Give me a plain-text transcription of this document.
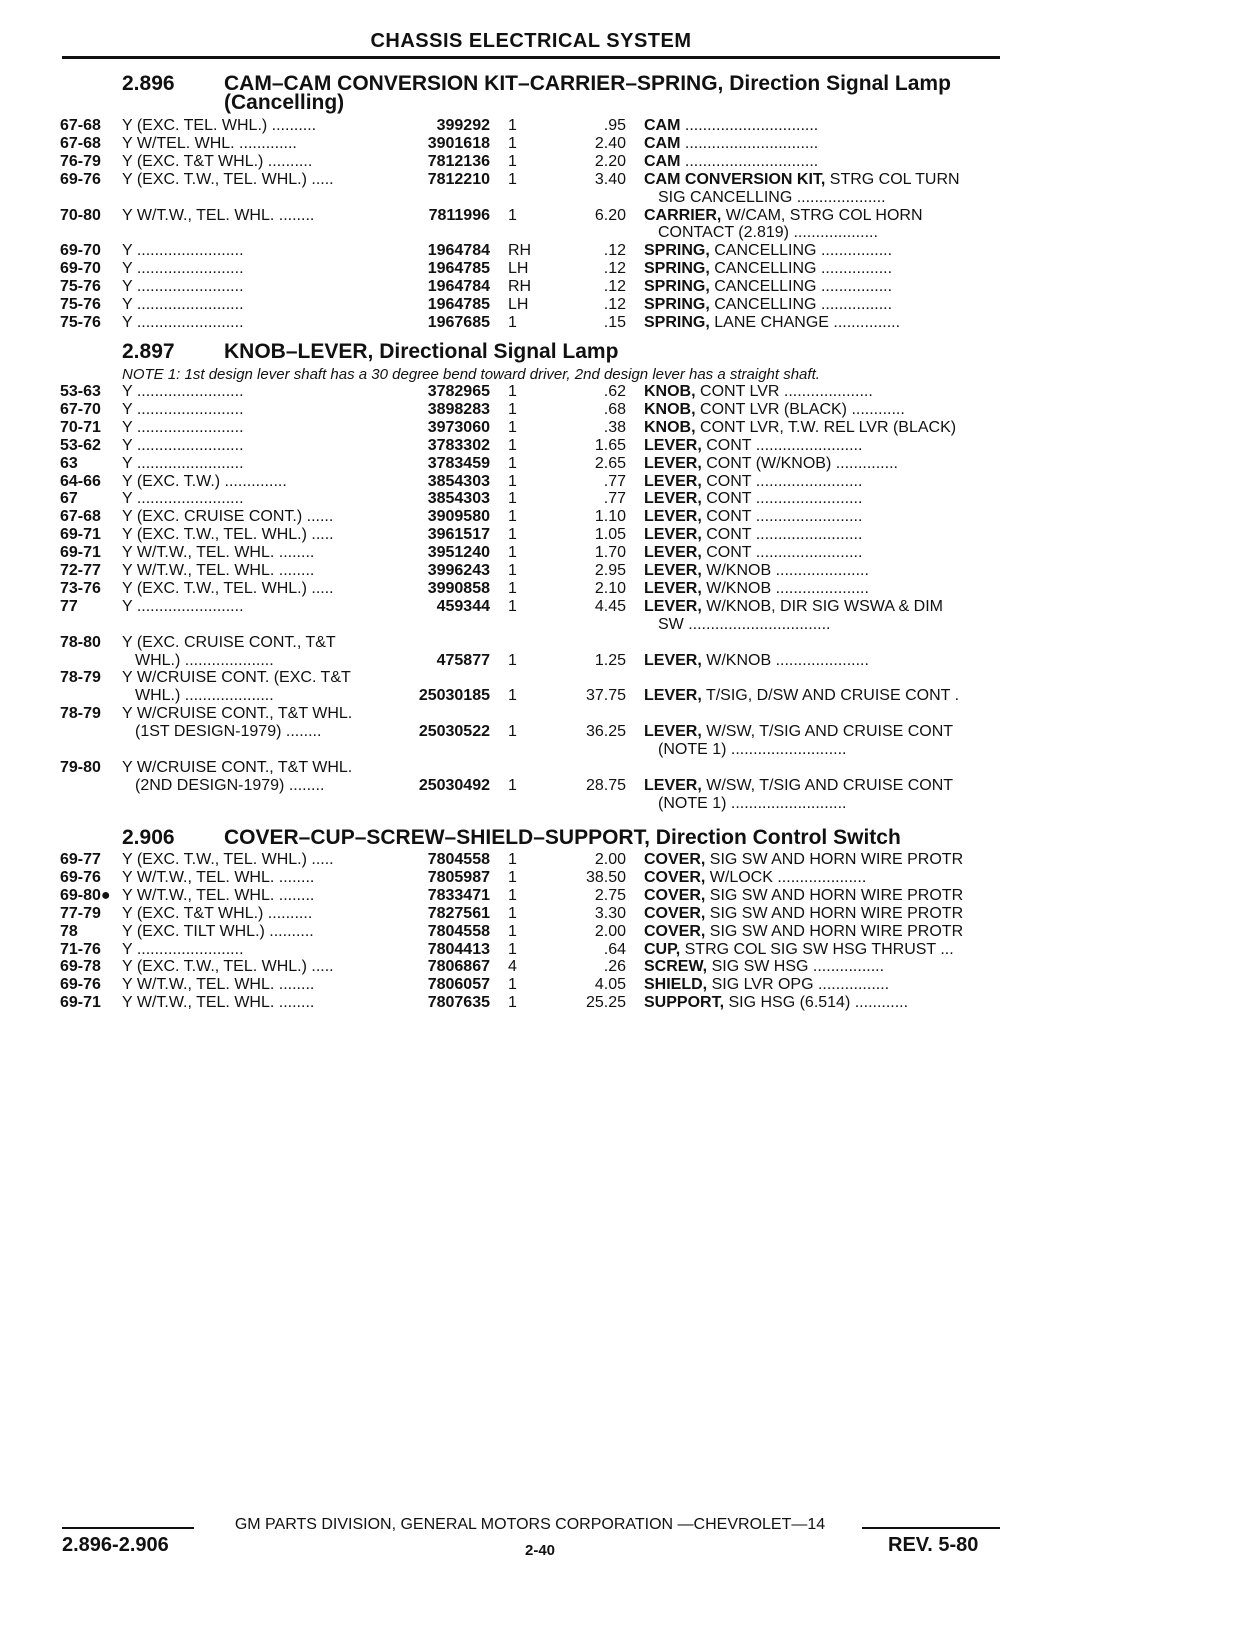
CHASSIS ELECTRICAL SYSTEM
2.896 CAM–CAM CONVERSION KIT–CARRIER–SPRING, Direction Signal Lamp
(Cancelling)
67-68 Y (EXC. TEL. WHL.) ..........	399292 1	.95 CAM ..............................
67-68 Y W/TEL. WHL. .............	3901618 1	2.40 CAM ..............................
76-79 Y (EXC. T&T WHL.) ..........	7812136 1	2.20 CAM ..............................
69-76 Y (EXC. T.W., TEL. WHL.) .....	7812210 1	3.40 CAM CONVERSION KIT, STRG COL TURN
SIG CANCELLING ....................
70-80 Y W/T.W., TEL. WHL. ........	7811996 1	6.20 CARRIER, W/CAM, STRG COL HORN
CONTACT (2.819) ...................
69-70 Y ........................	1964784 RH	.12 SPRING, CANCELLING ................
69-70 Y ........................	1964785 LH	.12 SPRING, CANCELLING ................
75-76 Y ........................	1964784 RH	.12 SPRING, CANCELLING ................
75-76 Y ........................	1964785 LH	.12 SPRING, CANCELLING ................
75-76 Y ........................	1967685 1	.15 SPRING, LANE CHANGE ...............
2.897 KNOB–LEVER, Directional Signal Lamp
NOTE 1: 1st design lever shaft has a 30 degree bend toward driver, 2nd design lever has a straight shaft.
53-63 Y ........................	3782965 1	.62 KNOB, CONT LVR ....................
67-70 Y ........................	3898283 1	.68 KNOB, CONT LVR (BLACK) ............
70-71 Y ........................	3973060 1	.38 KNOB, CONT LVR, T.W. REL LVR (BLACK)
53-62 Y ........................	3783302 1	1.65 LEVER, CONT ........................
63	Y ........................	3783459 1	2.65 LEVER, CONT (W/KNOB) ..............
64-66 Y (EXC. T.W.) ..............	3854303 1	.77 LEVER, CONT ........................
67	Y ........................	3854303 1	.77 LEVER, CONT ........................
67-68 Y (EXC. CRUISE CONT.) ......	3909580 1	1.10 LEVER, CONT ........................
69-71 Y (EXC. T.W., TEL. WHL.) .....	3961517 1	1.05 LEVER, CONT ........................
69-71 Y W/T.W., TEL. WHL. ........	3951240 1	1.70 LEVER, CONT ........................
72-77 Y W/T.W., TEL. WHL. ........	3996243 1	2.95 LEVER, W/KNOB .....................
73-76 Y (EXC. T.W., TEL. WHL.) .....	3990858 1	2.10 LEVER, W/KNOB .....................
77	Y ........................	459344 1	4.45 LEVER, W/KNOB, DIR SIG WSWA & DIM
SW ................................
78-80 Y (EXC. CRUISE CONT., T&T
WHL.) ....................	475877 1	1.25 LEVER, W/KNOB .....................
78-79 Y W/CRUISE CONT. (EXC. T&T
WHL.) ....................	25030185 1	37.75 LEVER, T/SIG, D/SW AND CRUISE CONT .
78-79 Y W/CRUISE CONT., T&T WHL.
(1ST DESIGN-1979) ........	25030522 1	36.25 LEVER, W/SW, T/SIG AND CRUISE CONT
(NOTE 1) ..........................
79-80 Y W/CRUISE CONT., T&T WHL.
(2ND DESIGN-1979) ........	25030492 1	28.75 LEVER, W/SW, T/SIG AND CRUISE CONT
(NOTE 1) ..........................
2.906 COVER–CUP–SCREW–SHIELD–SUPPORT, Direction Control Switch
69-77 Y (EXC. T.W., TEL. WHL.) .....	7804558 1	2.00 COVER, SIG SW AND HORN WIRE PROTR
69-76 Y W/T.W., TEL. WHL. ........	7805987 1	38.50 COVER, W/LOCK ....................
69-80● Y W/T.W., TEL. WHL. ........	7833471 1	2.75 COVER, SIG SW AND HORN WIRE PROTR
77-79 Y (EXC. T&T WHL.) ..........	7827561 1	3.30 COVER, SIG SW AND HORN WIRE PROTR
78	Y (EXC. TILT WHL.) ..........	7804558 1	2.00 COVER, SIG SW AND HORN WIRE PROTR
71-76 Y ........................	7804413 1	.64 CUP, STRG COL SIG SW HSG THRUST ...
69-78 Y (EXC. T.W., TEL. WHL.) .....	7806867 4	.26 SCREW, SIG SW HSG ................
69-76 Y W/T.W., TEL. WHL. ........	7806057 1	4.05 SHIELD, SIG LVR OPG ................
69-71 Y W/T.W., TEL. WHL. ........	7807635 1	25.25 SUPPORT, SIG HSG (6.514) ............
GM PARTS DIVISION, GENERAL MOTORS CORPORATION —CHEVROLET—14
2.896-2.906	2-40	REV. 5-80
